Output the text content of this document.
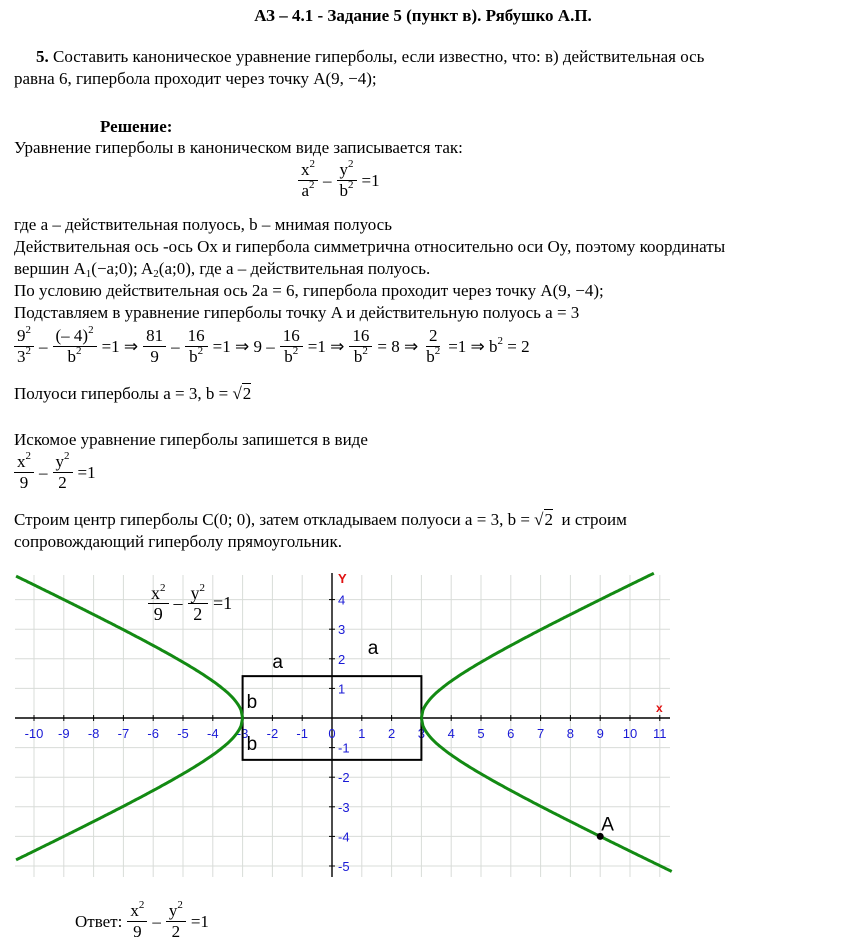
АЗ – 4.1 - Задание 5 (пункт в). Рябушко А.П.
5. Составить каноническое уравнение гиперболы, если известно, что: в) действительная ось
равна 6, гипербола проходит через точку A(9, −4);
Решение:
Уравнение гиперболы в каноническом виде записывается так:
$\frac{x^2}{a^2} - \frac{y^2}{b^2} =1$
где a – действительная полуось, b – мнимая полуось
Действительная ось -ось Ox и гипербола симметрична относительно оси Oy, поэтому координаты
вершин $A_1(-a;0)$; $A_2(a;0)$, где a – действительная полуось.
По условию действительная ось 2a = 6, гипербола проходит через точку A(9, −4);
Подставляем в уравнение гиперболы точку A и действительную полуось a = 3
$\frac{9^2}{3^2} - \frac{(- 4)^2}{b^2} =1$ ⇒ $\frac{81}{9} - \frac{16}{b^2} =1$ ⇒ $9 - \frac{16}{b^2} =1$ ⇒ $\frac{16}{b^2} = 8$ ⇒ $\frac{2}{b^2} =1$ ⇒ $b^2 = 2$
Полуоси гиперболы a = 3, b = √2
Искомое уравнение гиперболы запишется в виде
$\frac{x^2}{9} - \frac{y^2}{2} =1$
Строим центр гиперболы C(0; 0), затем откладываем полуоси a = 3, b = √2  и строим
сопровождающий гиперболу прямоугольник.
-10 -9 -8 -7 -6 -5 -4 -3 -2 -1 0 1 2 3 4 5 6 7 8 9 10 11
4
3
2
1
-1
-2
-3
-4
-5
x
Y
a
a
b
b
A
$\frac{x^2}{9} - \frac{y^2}{2} =1$
Ответ: $\frac{x^2}{9} - \frac{y^2}{2} =1$
